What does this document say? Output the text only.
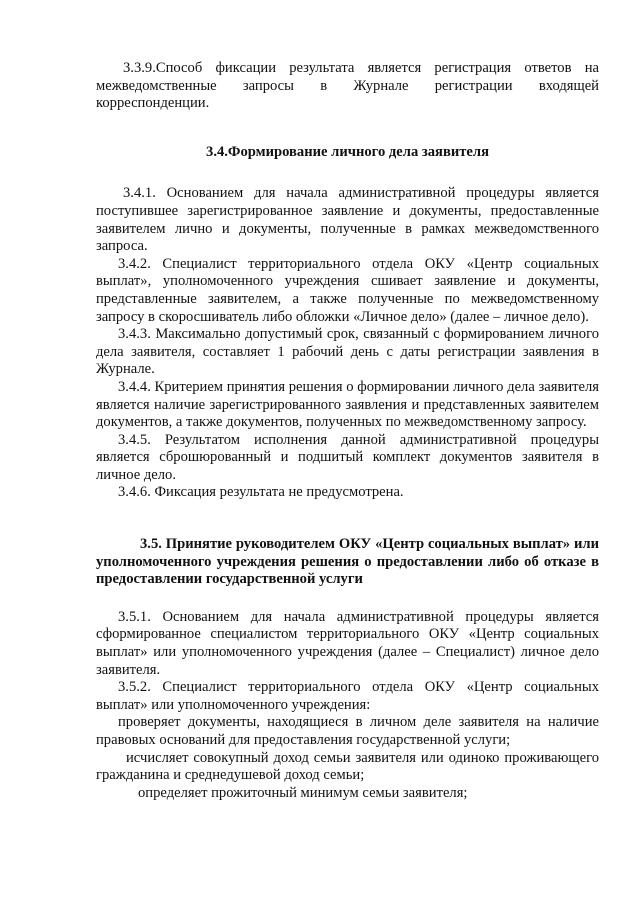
3.3.9.Способ фиксации результата является регистрация ответов на межведомственные запросы в Журнале регистрации входящей корреспонденции.

3.4.Формирование личного дела заявителя

3.4.1. Основанием для начала административной процедуры является поступившее зарегистрированное заявление и документы, предоставленные заявителем лично и документы, полученные в рамках межведомственного запроса.

3.4.2. Специалист территориального отдела ОКУ «Центр социальных выплат», уполномоченного учреждения сшивает заявление и документы, представленные заявителем, а также полученные по межведомственному запросу в скоросшиватель либо обложки «Личное дело» (далее – личное дело).

3.4.3. Максимально допустимый срок, связанный с формированием личного дела заявителя, составляет 1 рабочий день с даты регистрации заявления в Журнале.

3.4.4. Критерием принятия решения о формировании личного дела заявителя является наличие зарегистрированного заявления и представленных заявителем документов, а также документов, полученных по межведомственному запросу.

3.4.5. Результатом исполнения данной административной процедуры является сброшюрованный и подшитый комплект документов заявителя в личное дело.

3.4.6. Фиксация результата не предусмотрена.

3.5. Принятие руководителем ОКУ «Центр социальных выплат» или уполномоченного учреждения решения о предоставлении либо об отказе в предоставлении государственной услуги

3.5.1. Основанием для начала административной процедуры является сформированное специалистом территориального ОКУ «Центр социальных выплат» или уполномоченного учреждения (далее – Специалист) личное дело заявителя.

3.5.2. Специалист территориального отдела ОКУ «Центр социальных выплат» или уполномоченного учреждения:

проверяет документы, находящиеся в личном деле заявителя на наличие правовых оснований для предоставления государственной услуги;

исчисляет совокупный доход семьи заявителя или одиноко проживающего гражданина и среднедушевой доход семьи;

определяет прожиточный минимум семьи заявителя;
